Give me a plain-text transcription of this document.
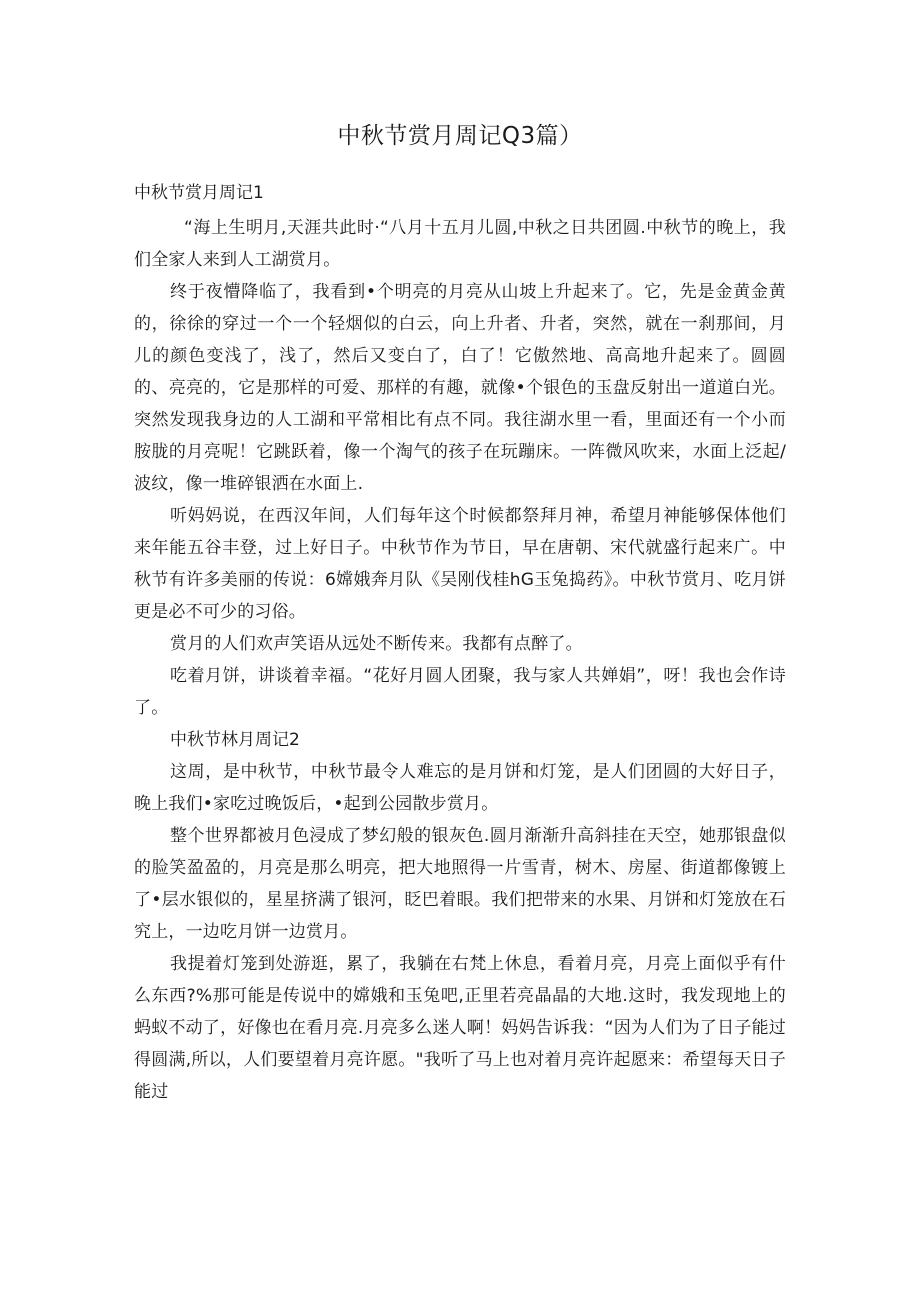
中秋节赏月周记Q3篇）
中秋节赏月周记1

“海上生明月,天涯共此时·“八月十五月儿圆,中秋之日共团圆.中秋节的晚上，我们全家人来到人工湖赏月。

终于夜懵降临了，我看到•个明亮的月亮从山坡上升起来了。它，先是金黄金黄的，徐徐的穿过一个一个轻烟似的白云，向上升者、升者，突然，就在一刹那间，月儿的颜色变浅了，浅了，然后又变白了，白了！它傲然地、高高地升起来了。圆圆的、亮亮的，它是那样的可爱、那样的有趣，就像•个银色的玉盘反射出一道道白光。突然发现我身边的人工湖和平常相比有点不同。我往湖水里一看，里面还有一个小而胺胧的月亮呢！它跳跃着，像一个淘气的孩子在玩蹦床。一阵微风吹来，水面上泛起/波纹，像一堆碎银洒在水面上.

听妈妈说，在西汉年间，人们每年这个时候都祭拜月神，希望月神能够保体他们来年能五谷丰登，过上好日子。中秋节作为节日，早在唐朝、宋代就盛行起来广。中秋节有许多美丽的传说：6嫦娥奔月队《吴刚伐桂hG玉兔捣药》。中秋节赏月、吃月饼更是必不可少的习俗。

赏月的人们欢声笑语从远处不断传来。我都有点醉了。

吃着月饼，讲谈着幸福。“花好月圆人团聚，我与家人共婵娟”，呀！我也会作诗了。

中秋节林月周记2

这周，是中秋节，中秋节最令人难忘的是月饼和灯笼，是人们团圆的大好日子，晚上我们•家吃过晚饭后，•起到公园散步赏月。

整个世界都被月色浸成了梦幻般的银灰色.圆月渐渐升高斜挂在天空，她那银盘似的脸笑盈盈的，月亮是那么明亮，把大地照得一片雪青，树木、房屋、街道都像镀上了•层水银似的，星星挤满了银河，眨巴着眼。我们把带来的水果、月饼和灯笼放在石究上，一边吃月饼一边赏月。

我提着灯笼到处游逛，累了，我躺在右梵上休息，看着月亮，月亮上面似乎有什么东西?%那可能是传说中的嫦娥和玉兔吧,正里若亮晶晶的大地.这时，我发现地上的蚂蚁不动了，好像也在看月亮.月亮多么迷人啊！妈妈告诉我：“因为人们为了日子能过得圆满,所以，人们要望着月亮许愿。"我听了马上也对着月亮许起愿来：希望每天日子能过
